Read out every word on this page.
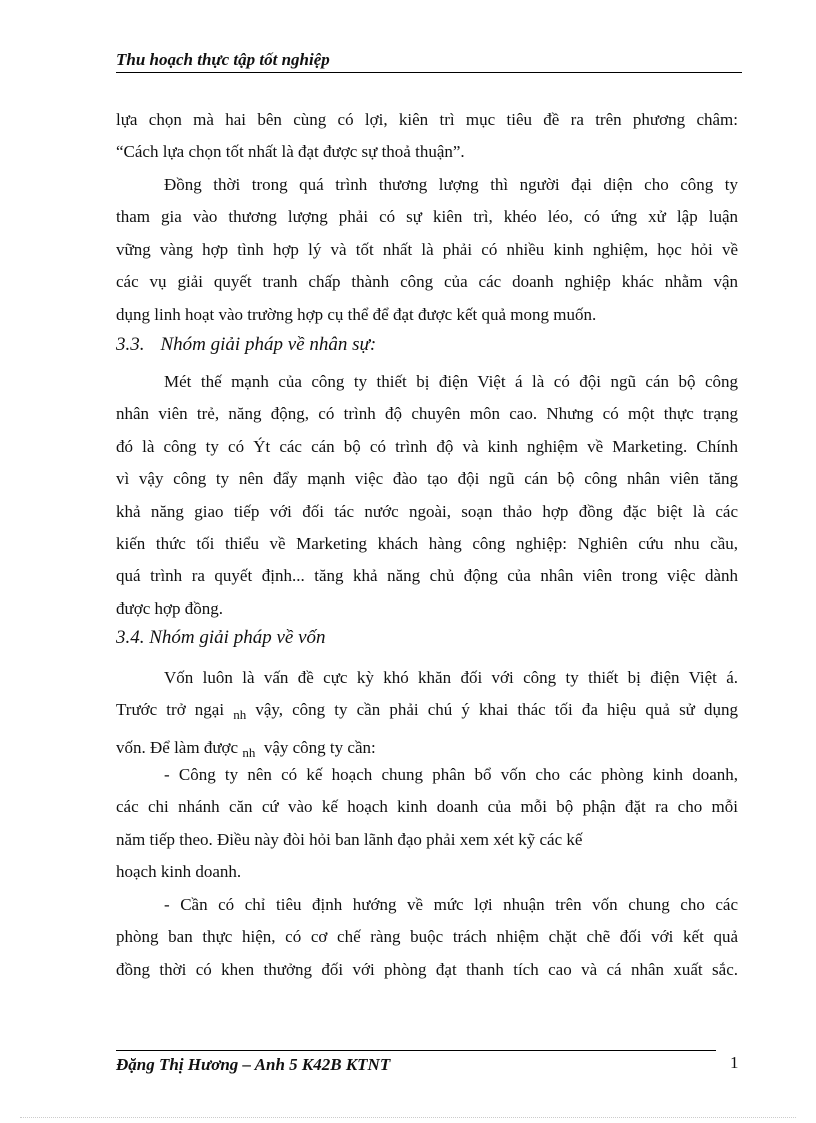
Thu hoạch thực tập tốt nghiệp
lựa chọn mà hai bên cùng có lợi, kiên trì mục tiêu đề ra trên phương châm:
“Cách lựa chọn tốt nhất là đạt được sự thoả thuận”.
Đồng thời trong quá trình thương lượng thì người đại diện cho công ty
tham gia vào thương lượng phải có sự kiên trì, khéo léo, có ứng xử lập luận
vững vàng hợp tình hợp lý và tốt nhất là phải có nhiều kinh nghiệm, học hỏi về
các vụ giải quyết tranh chấp thành công của các doanh nghiệp khác nhằm vận
dụng linh hoạt vào trường hợp cụ thể để đạt được kết quả mong muốn.
3.3. Nhóm giải pháp về nhân sự:
Mét thế mạnh của công ty thiết bị điện Việt á là có đội ngũ cán bộ công
nhân viên trẻ, năng động, có trình độ chuyên môn cao. Nhưng có một thực trạng
đó là công ty có Ýt các cán bộ có trình độ và kinh nghiệm về Marketing. Chính
vì vậy công ty nên đẩy mạnh việc đào tạo đội ngũ cán bộ công nhân viên tăng
khả năng giao tiếp với đối tác nước ngoài, soạn thảo hợp đồng đặc biệt là các
kiến thức tối thiểu về Marketing khách hàng công nghiệp: Nghiên cứu nhu cầu,
quá trình ra quyết định... tăng khả năng chủ động của nhân viên trong việc dành
được hợp đồng.
3.4. Nhóm giải pháp về vốn
Vốn luôn là vấn đề cực kỳ khó khăn đối với công ty thiết bị điện Việt á.
Trước trở ngại $_{nh}$ vậy, công ty cần phải chú ý khai thác tối đa hiệu quả sử dụng
vốn. Để làm được $_{nh}$ vậy công ty cần:
- Công ty nên có kế hoạch chung phân bổ vốn cho các phòng kinh doanh,
các chi nhánh căn cứ vào kế hoạch kinh doanh của mỗi bộ phận đặt ra cho mỗi
năm tiếp theo. Điều này đòi hỏi ban lãnh đạo phải xem xét kỹ các kế
hoạch kinh doanh.
- Cần có chỉ tiêu định hướng về mức lợi nhuận trên vốn chung cho các
phòng ban thực hiện, có cơ chế ràng buộc trách nhiệm chặt chẽ đối với kết quả
đồng thời có khen thưởng đối với phòng đạt thanh tích cao và cá nhân xuất sắc.
Đặng Thị Hương – Anh 5 K42B KTNT	1
